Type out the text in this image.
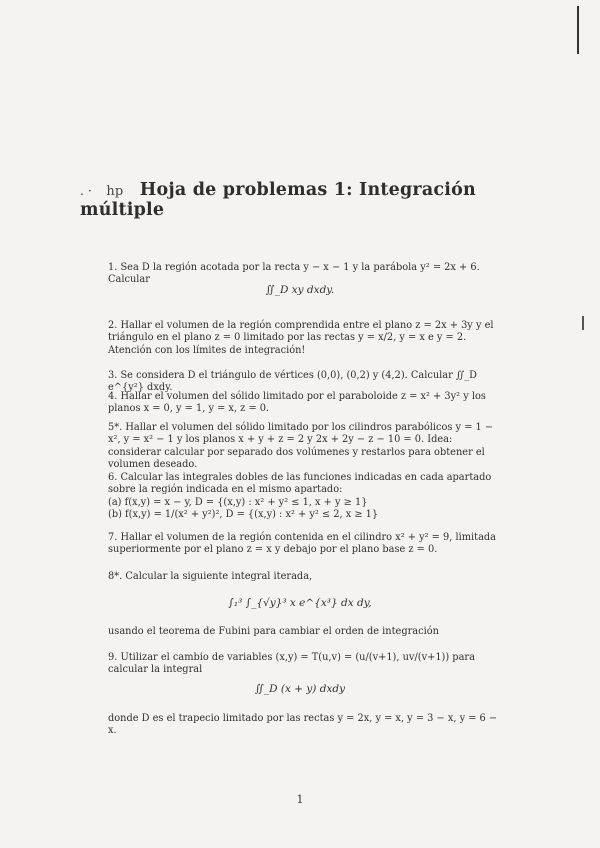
. · hp Hoja de problemas 1: Integración múltiple

1. Sea D la región acotada por la recta y − x − 1 y la parábola y² = 2x + 6. Calcular

∬_D xy dxdy.

2. Hallar el volumen de la región comprendida entre el plano z = 2x + 3y y el triángulo en el plano z = 0 limitado por las rectas y = x/2, y = x e y = 2. Atención con los límites de integración!

3. Se considera D el triángulo de vértices (0,0), (0,2) y (4,2). Calcular ∬_D e^{y²} dxdy.

4. Hallar el volumen del sólido limitado por el paraboloide z = x² + 3y² y los planos x = 0, y = 1, y = x, z = 0.

5*. Hallar el volumen del sólido limitado por los cilindros parabólicos y = 1 − x², y = x² − 1 y los planos x + y + z = 2 y 2x + 2y − z − 10 = 0. Idea: considerar calcular por separado dos volúmenes y restarlos para obtener el volumen deseado.

6. Calcular las integrales dobles de las funciones indicadas en cada apartado sobre la región indicada en el mismo apartado:

(a) f(x,y) = x − y, D = {(x,y) : x² + y² ≤ 1, x + y ≥ 1}

(b) f(x,y) = 1/(x² + y²)², D = {(x,y) : x² + y² ≤ 2, x ≥ 1}

7. Hallar el volumen de la región contenida en el cilindro x² + y² = 9, limitada superiormente por el plano z = x y debajo por el plano base z = 0.

8*. Calcular la siguiente integral iterada,

∫₁³ ∫_{√y}³ x e^{x³} dx dy,

usando el teorema de Fubini para cambiar el orden de integración

9. Utilizar el cambio de variables (x,y) = T(u,v) = (u/(v+1), uv/(v+1)) para calcular la integral

∬_D (x + y) dxdy

donde D es el trapecio limitado por las rectas y = 2x, y = x, y = 3 − x, y = 6 − x.

1
